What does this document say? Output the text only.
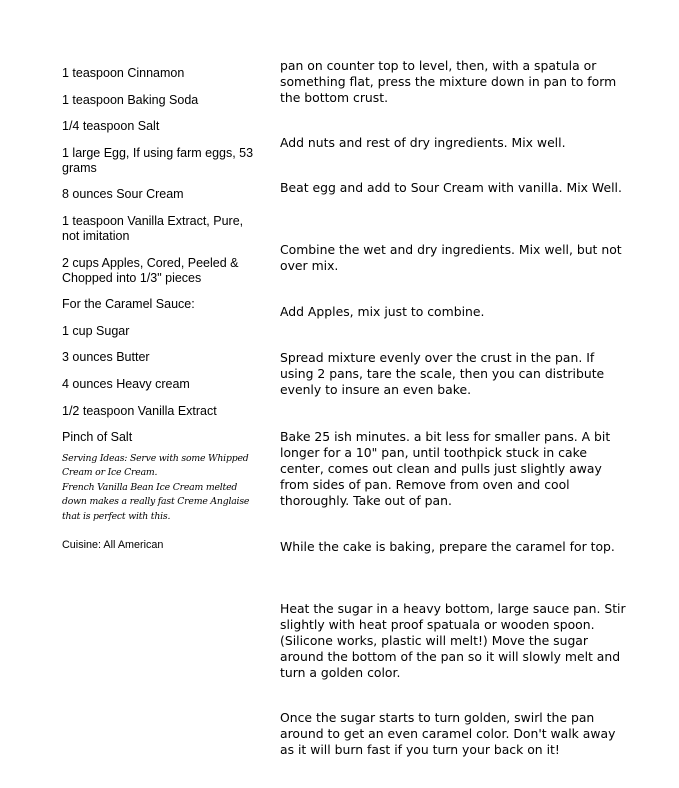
1 teaspoon Cinnamon
1 teaspoon Baking Soda
1/4 teaspoon Salt
1 large Egg, If using farm eggs, 53 grams
8 ounces Sour Cream
1 teaspoon Vanilla Extract, Pure, not imitation
2 cups Apples, Cored, Peeled & Chopped into 1/3" pieces
For the Caramel Sauce:
1 cup Sugar
3 ounces Butter
4 ounces Heavy cream
1/2 teaspoon Vanilla Extract
Pinch of Salt
Serving Ideas: Serve with some Whipped Cream or Ice Cream.
French Vanilla Bean Ice Cream melted down makes a really fast Creme Anglaise that is perfect with this.
Cuisine: All American

pan on counter top to level, then, with a spatula or something flat, press the mixture down in pan to form the bottom crust.

Add nuts and rest of dry ingredients. Mix well.

Beat egg and add to Sour Cream with vanilla. Mix Well.

Combine the wet and dry ingredients. Mix well, but not over mix.

Add Apples, mix just to combine.

Spread mixture evenly over the crust in the pan. If using 2 pans, tare the scale, then you can distribute evenly to insure an even bake.

Bake 25 ish minutes. a bit less for smaller pans. A bit longer for a 10" pan, until toothpick stuck in cake center, comes out clean and pulls just slightly away from sides of pan. Remove from oven and cool thoroughly. Take out of pan.

While the cake is baking, prepare the caramel for top.

Heat the sugar in a heavy bottom, large sauce pan. Stir slightly with heat proof spatuala or wooden spoon. (Silicone works, plastic will melt!) Move the sugar around the bottom of the pan so it will slowly melt and turn a golden color.

Once the sugar starts to turn golden, swirl the pan around to get an even caramel color. Don't walk away as it will burn fast if you turn your back on it!
